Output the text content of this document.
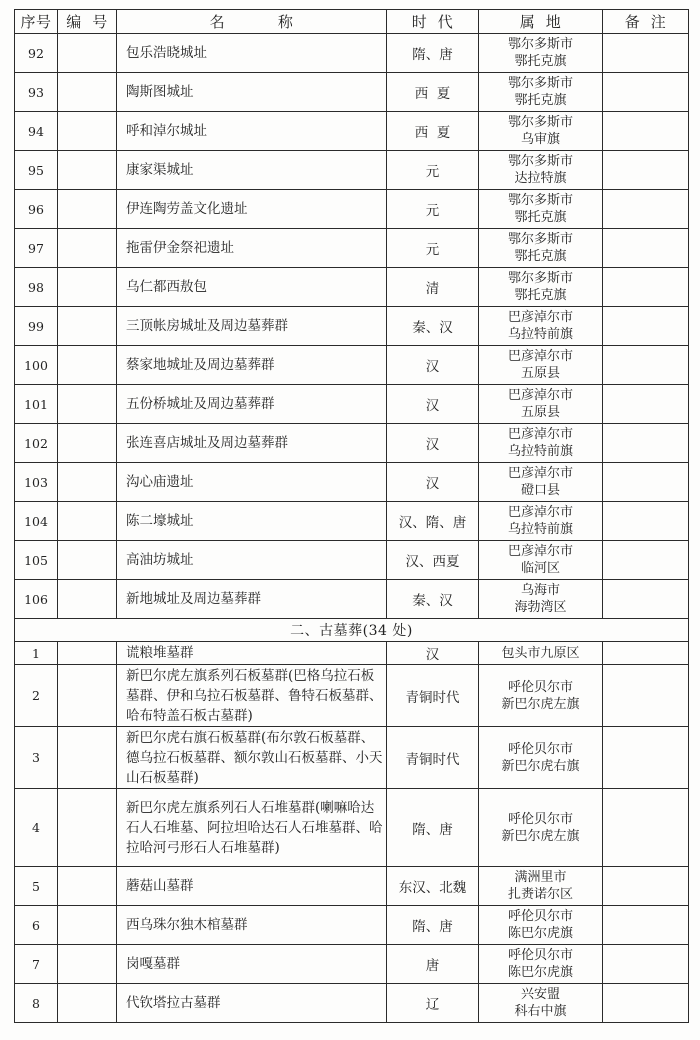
序号	编  号	名          称	时  代	属  地	备  注
92		包乐浩晓城址	隋、唐	鄂尔多斯市
鄂托克旗	

93		陶斯图城址	西  夏	鄂尔多斯市
鄂托克旗	

94		呼和淖尔城址	西  夏	鄂尔多斯市
乌审旗	

95		康家渠城址	元	鄂尔多斯市
达拉特旗	

96		伊连陶劳盖文化遗址	元	鄂尔多斯市
鄂托克旗	

97		拖雷伊金祭祀遗址	元	鄂尔多斯市
鄂托克旗	

98		乌仁都西敖包	清	鄂尔多斯市
鄂托克旗	

99		三顶帐房城址及周边墓葬群	秦、汉	巴彦淖尔市
乌拉特前旗	

100		蔡家地城址及周边墓葬群	汉	巴彦淖尔市
五原县	

101		五份桥城址及周边墓葬群	汉	巴彦淖尔市
五原县	

102		张连喜店城址及周边墓葬群	汉	巴彦淖尔市
乌拉特前旗	

103		沟心庙遗址	汉	巴彦淖尔市
磴口县	

104		陈二壕城址	汉、隋、唐	巴彦淖尔市
乌拉特前旗	

105		高油坊城址	汉、西夏	巴彦淖尔市
临河区	

106		新地城址及周边墓葬群	秦、汉	乌海市
海勃湾区	

二、古墓葬(34 处)					
1		谎粮堆墓群	汉	包头市九原区	

2		新巴尔虎左旗系列石板墓群(巴格乌拉石板墓群、伊和乌拉石板墓群、鲁特石板墓群、哈布特盖石板古墓群)	青铜时代	呼伦贝尔市
新巴尔虎左旗	

3		新巴尔虎右旗石板墓群(布尔敦石板墓群、德乌拉石板墓群、额尔敦山石板墓群、小天山石板墓群)	青铜时代	呼伦贝尔市
新巴尔虎右旗	

4		新巴尔虎左旗系列石人石堆墓群(喇嘛哈达石人石堆墓、阿拉坦哈达石人石堆墓群、哈拉哈河弓形石人石堆墓群)	隋、唐	呼伦贝尔市
新巴尔虎左旗	

5		蘑菇山墓群	东汉、北魏	满洲里市
扎赉诺尔区	

6		西乌珠尔独木棺墓群	隋、唐	呼伦贝尔市
陈巴尔虎旗	

7		岗嘎墓群	唐	呼伦贝尔市
陈巴尔虎旗	

8		代钦塔拉古墓群	辽	兴安盟
科右中旗	
